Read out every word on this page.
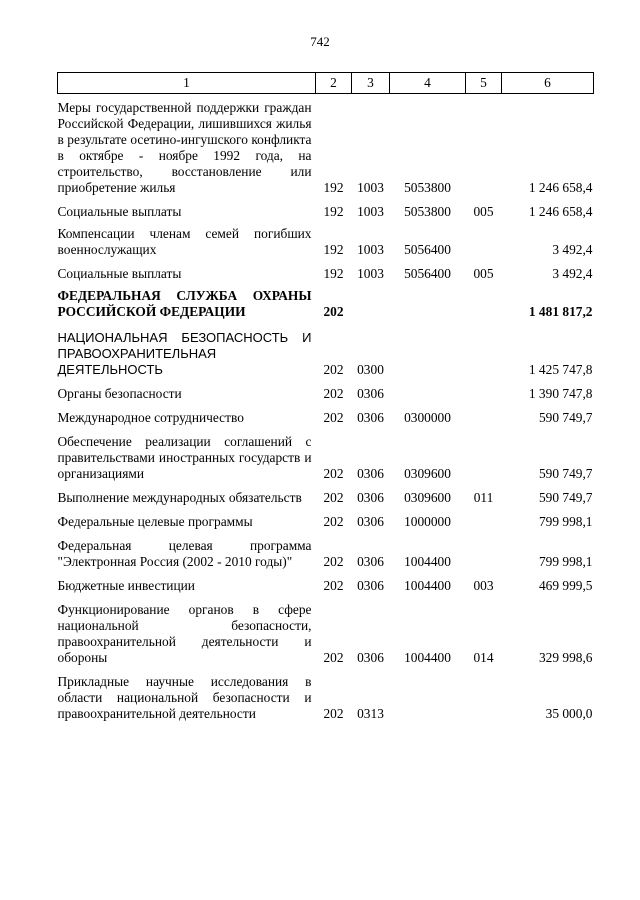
742
1	2	3	4	5	6
Меры государственной поддержки граждан Российской Федерации, лишившихся жилья в результате осетино-ингушского конфликта в октябре - ноябре 1992 года, на строительство, восстановление или приобретение жилья	192	1003	5053800		1 246 658,4
Социальные выплаты	192	1003	5053800	005	1 246 658,4
Компенсации членам семей погибших военнослужащих	192	1003	5056400		3 492,4
Социальные выплаты	192	1003	5056400	005	3 492,4
ФЕДЕРАЛЬНАЯ СЛУЖБА ОХРАНЫ РОССИЙСКОЙ ФЕДЕРАЦИИ	202				1 481 817,2
НАЦИОНАЛЬНАЯ БЕЗОПАСНОСТЬ И ПРАВООХРАНИТЕЛЬНАЯ ДЕЯТЕЛЬНОСТЬ	202	0300			1 425 747,8
Органы безопасности	202	0306			1 390 747,8
Международное сотрудничество	202	0306	0300000		590 749,7
Обеспечение реализации соглашений с правительствами иностранных государств и организациями	202	0306	0309600		590 749,7
Выполнение международных обязательств	202	0306	0309600	011	590 749,7
Федеральные целевые программы	202	0306	1000000		799 998,1
Федеральная целевая программа "Электронная Россия (2002 - 2010 годы)"	202	0306	1004400		799 998,1
Бюджетные инвестиции	202	0306	1004400	003	469 999,5
Функционирование органов в сфере национальной безопасности, правоохранительной деятельности и обороны	202	0306	1004400	014	329 998,6
Прикладные научные исследования в области национальной безопасности и правоохранительной деятельности	202	0313			35 000,0
